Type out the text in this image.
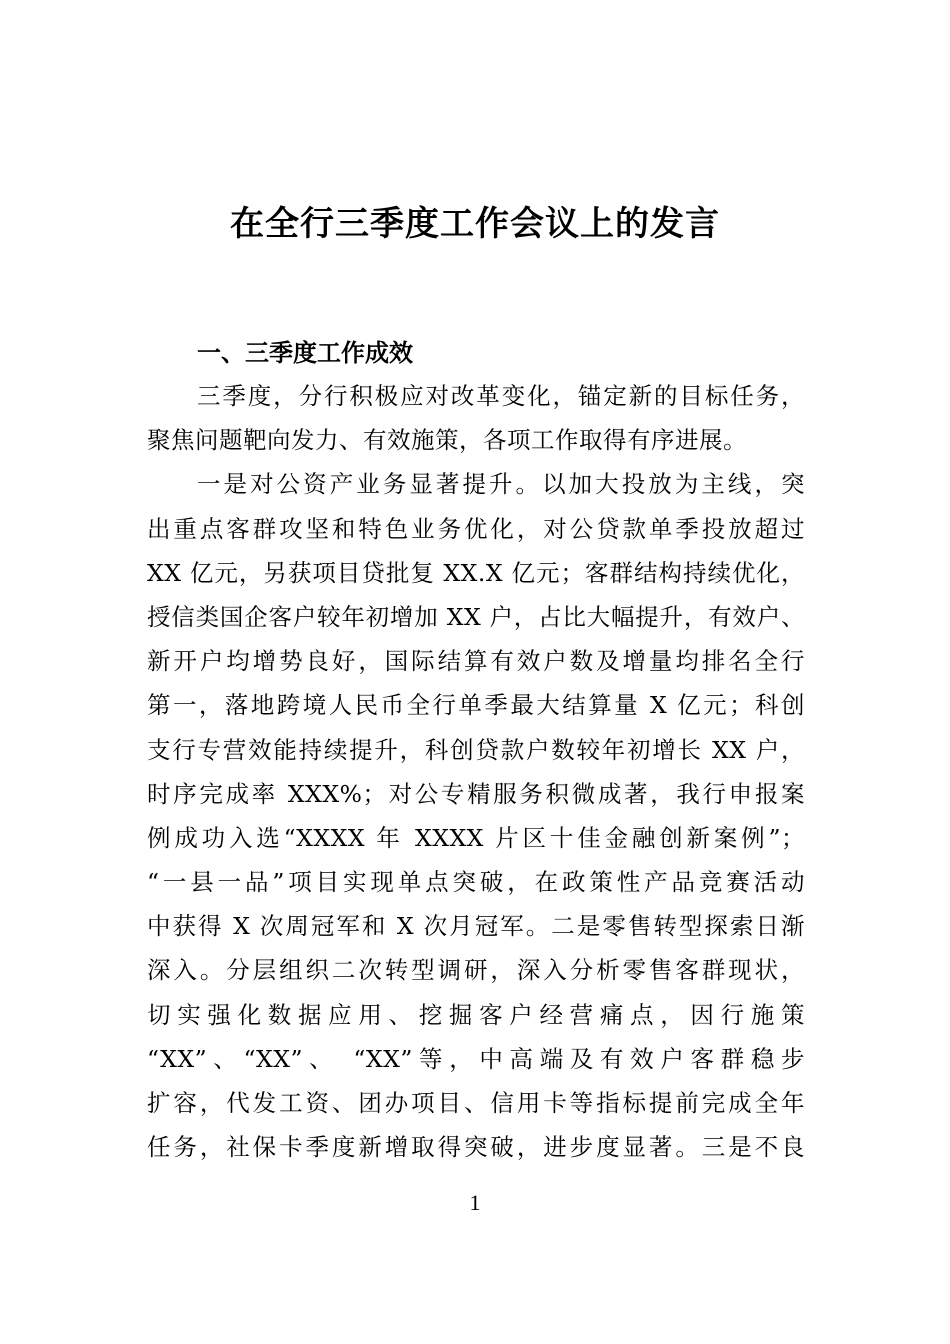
在全行三季度工作会议上的发言
一、三季度工作成效
三季度，分行积极应对改革变化，锚定新的目标任务，
聚焦问题靶向发力、有效施策，各项工作取得有序进展。
一是对公资产业务显著提升。以加大投放为主线，突
出重点客群攻坚和特色业务优化，对公贷款单季投放超过
XX 亿元，另获项目贷批复 XX.X 亿元；客群结构持续优化，
授信类国企客户较年初增加 XX 户，占比大幅提升，有效户、
新开户均增势良好，国际结算有效户数及增量均排名全行
第一，落地跨境人民币全行单季最大结算量 X 亿元；科创
支行专营效能持续提升，科创贷款户数较年初增长 XX 户，
时序完成率 XXX%；对公专精服务积微成著，我行申报案
例成功入选“XXXX 年 XXXX 片区十佳金融创新案例”；
“一县一品”项目实现单点突破，在政策性产品竞赛活动
中获得 X 次周冠军和 X 次月冠军。二是零售转型探索日渐
深入。分层组织二次转型调研，深入分析零售客群现状，
切实强化数据应用、挖掘客户经营痛点，因行施策
“XX”、“XX”、 “XX”等，中高端及有效户客群稳步
扩容，代发工资、团办项目、信用卡等指标提前完成全年
任务，社保卡季度新增取得突破，进步度显著。三是不良
1
